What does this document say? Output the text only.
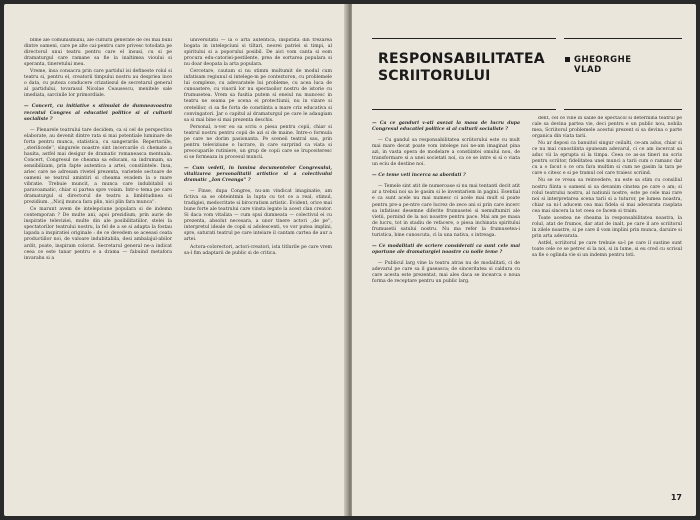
blme ale comunismului, ale culturii generate de cei mai buni dintre oameni, care pe alte cai-pentru care privesc totodata pe directorul unui teatru pentru care el insusi, cu si pe dramaturgul care ramane sa fie la inaltimea vioului si speranta, tineretului meu.

Vreme, insa consacra prin care partidul isi defineste rolul si teatru si, pentru el, creatorii timpului nostru au despriea ince o data, cu puteza conducere crizatiezul de secretarul general al partidului, tovarasul Nicolae Ceausescu, menitele sale imediata, sarcinile lor primordiale.

— Concert, cu initiative s stimulat de dumneavoastra recentul Congres al educatiei politice si al culturii socialiste ?

— Plenarele teatrului tare decidem, ca si cel de perspectiva elaborate, au devenit dintre rata si mai potentiale luminare de forta pentru munca, statistica, cu sangerarile. Repertoriile, ,,sterilicede'', singurele noastre sint incercarile ci chemate a hauita, astfel mai desigur de dramatic romaneasca mentuala. Concert, Congresul ne cheama sa educam, sa indrumam, sa sensibilizam, prin fapte autentica a artei, constiintele. Insa, ariec care ne adresam rivetel prezenta, varietele sectoare de oameni se teatrul amintiri si cheama evadem la o mare vibratie. Trebuie muncit, a munca care indubitabil si paravoamatic, chiar si partea spre voiam. Intr-o tema pe care dramaturgul si directorul de teatru a limbitudinea si prezidium. ,,Nicij munca fara plin, nici plin fara munca''.

Ce marunt avem de intelepciune populara si de indemn contemporan ? De multe ani, apoi prezidium, prin aurie de inspiratie televiziei, multe din ale posibilitatiilor, stelei la spectatorilor teatrului nostru, la fel de a se si adapta la fostau lapada a inspiratiei originale : de ce devedem se aceeasi ceata productiilor noi, de valoare indubitabila, desi ambalajul-abilor ardit, poate, inspiram colorat. Secretarul general ne-a indicat ceea ce este tanar pentru e a drama — fabuind metafora invarahu si a

universitatii — la o arta autentica, inspirata din trezarea bogata in intelepciuni si tiltari, neorei patriei si timpi, al spiritului si a poporului posibil. De aici vom canta si eom procura edu-catoriei-pestilente, prea de sortarea populara si nu doar deopata la arta populara.

Cercetare, cautam si nu stimm multumit de modul cum infatisam regiunul si intelege-m pe conteztoron, cu problemele lui complexe, cu adevaratele lui probleme, cu acea luca de cunoastere, cu viuorii lor nu spectaoilor nostru de istorie cu frumusetea. Vrem sa fusitia putem si eneiul nu muncesc in teatru ne seama pe scena ei protectiunii, nu in vizare si oretelilor, ci sa fie forta de constiinta a mare criz educativa si convingatori. Jar o capitul al dramaturgul pe care le adaugiam sa si mai bine si mai prezenta deschis.

Personal, n-ver eu sa scriu o piesa pentru copii, chiar si teatrul nostru pentru copii de azi si de maine. Intre-o formula pe care ne dorim pasionanta. Pe sceneii teatral sau, prin pentru televiziune o lucrare, in care surprind ca viata si preocuparile rutiniere, un grup de copii care se lrupceiteresc si se formeaza in procesul muncii.

— Cum vedeti, in lumina documentelor Congresului, vitalizarea personalitatii artistice si a colectivului dramatic ,,Ion Creanga'' ?

— Finse, dupa Congres, nu-am vindicat imaginatie, am fictiva sa se obteintmin la lupta cu tot ce a real, stimul, tradigiei, medocritate si birocratism artistic. Evident, orice mai bune forte ale teatrului care vinsta legate la acest clan creator. Si daca vom vitaliza — cum spui dumneata — colectivul ei cu prezenta, absolut necesara, a unor tinere actori ,,de pe'', interpretul ideale de copii si adolescenti, vo vor putea implini, spre, saturati teatrul pe care inteiare il cantam cartea de aur a artei.

Actora-colorectori, actori-creatori, ista titlurile pe care vrem sa-l fim adaptarii de public si de critica.

RESPONSABILITATEA SCRIITORULUI
GHEORGHE
VLAD

— Ca ce ganduri v-ati asezat la masa de lucru dupa Congresul educatiei politice si al culturii socialiste ?

— Cu gandul sa responsabilitatea scriitorului este cu mult mai mare decat poate vom intelege noi ne-am imaginat pina azi, in vasta opera de modelare a constiintei omului nou, de transformare si a unei societati noi, ca ce se intre si si o viata un eciu de destine noi.

— Ce teme veti incerca sa abordati ?

— Temele sint atit de numeroase si nu mai tentanti decit atit ar a trebui noi sa le gasim si le inventariem in pagini. Esential e ca sunt acele nu mai numesc ci acele mai mult si poate pentru pre-a pe-ntre care lucrez de zece ani si prin care incerc sa infatisez desemne diferite frumusetei si nemultumiri ale vietii, pornind de la noi noastre pentru pace. Mai am pe masa de lucru, tot in stadiu de refacere, o piesa inchinata spiritului frumusetii satului nostru. Nu ma refer la frumusetea-i turistica, bine cunoscuta, ci la una nativa, s intreaga.

— Ce modalitati de scriere considerati ca sunt cele mai oportune ale dramaturgiei noastre cu noile teme ?

— Publicul larg vine la teatru atras nu de modalitati, ci de adevarul pe care sa il gaseasca; de sinceritatea si caldura cu care acesta este prezentat, mai ales daca se incearca o noua forma de receptare pentru un public larg.

dent, cel ce vine in salile de spectacol si determina teatrul pe cale sa devina partea vie, deci pentru e un public nou, nobila mea, Scriitorul problemele acestui prezent si sa devina o parte organica din viata tarii.

Nu ar deposi ca banuitol singur ceilalti, ce-am adus, chiar si ce nu mai cunostiinta spuneam adevarul, ci ce am incercat sa aduc vii la eprupta si la timpa. Ceea ce as-as tineri nu scris pentru scriitor, fidelitatea unei munci a tarii cum o ramanc dar cu a o facut o ce ora fara multim si cum ne gasim la tara pe care o citesc e si pe tramul cel care traiesc scriind.

Nu se ce vreau sa reinvedere, nu este sa stim cu consiliul nostru fiinta o oameni si sa devanim cinstea pe care o am; si rolul teatrului nostru, al natiunii nostre, este pe cele mai rare noi si interpretarea scena tarii si a tuturor, pe lumea noastra, chiar sa ni-l aducem cea mai fidela si mai adevarata rasplata cea mai sincera la tot ceea ce facem si traim.

Toate acestea ne cheama la responsabilitatea noastra, la rolul, atat de frumos, dar atat de inalt, pe care il are scriitorul in zilele noastre, si pe care il vom implini prin munca, daruire si prin arta adevarata.

Astfel, scriitorul pe care trebuie sa-l pe care il sustine sunt toate cele ce se petrec si la noi, si in lume, si eu cred cu scrisul sa fie o oglinda vie si un indemn pentru toti.

17
